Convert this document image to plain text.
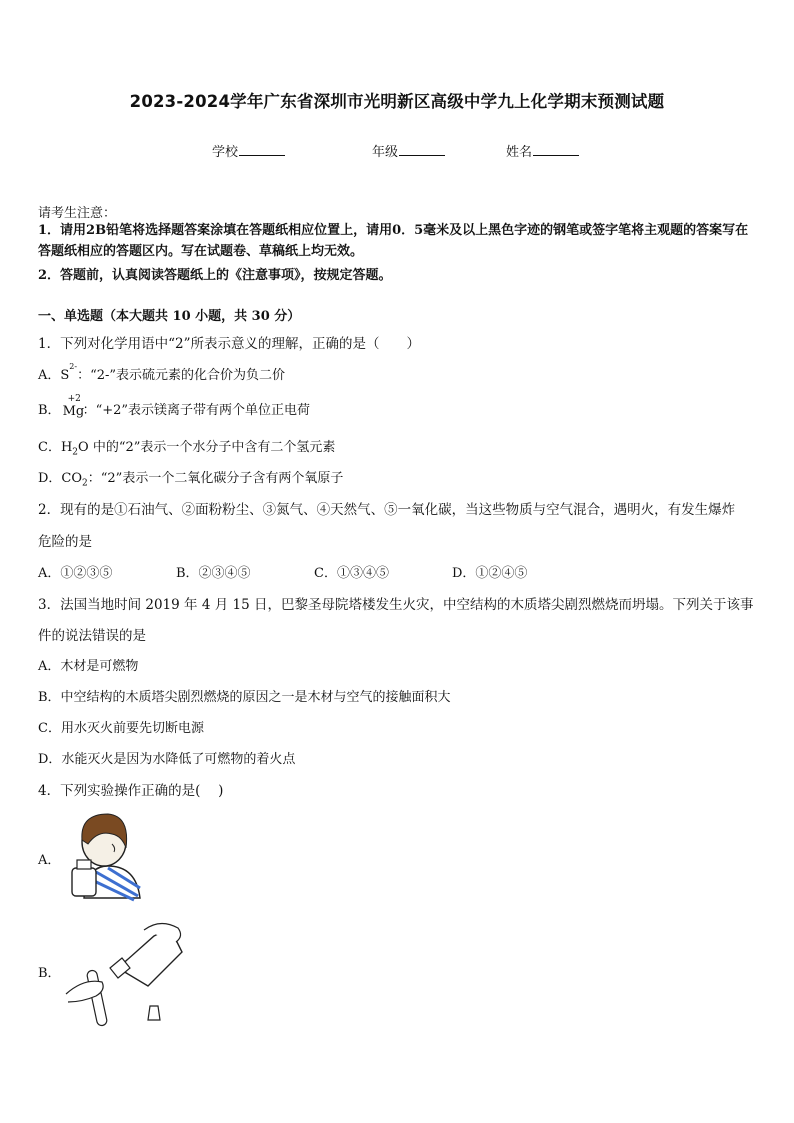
2023-2024学年广东省深圳市光明新区高级中学九上化学期末预测试题
学校	年级	姓名
请考生注意：
1．请用2B铅笔将选择题答案涂填在答题纸相应位置上，请用0．5毫米及以上黑色字迹的钢笔或签字笔将主观题的答案写在答题纸相应的答题区内。写在试题卷、草稿纸上均无效。
2．答题前，认真阅读答题纸上的《注意事项》，按规定答题。
一、单选题（本大题共 10 小题，共 30 分）
1．下列对化学用语中“2”所表示意义的理解，正确的是（　　）
A．$S^{2-}$：“2-”表示硫元素的化合价为负二价
B．
+2
Mg
：“+2”表示镁离子带有两个单位正电荷
C．$H_2O$ 中的“2”表示一个水分子中含有二个氢元素
D．$CO_2$：“2”表示一个二氧化碳分子含有两个氧原子
2．现有的是①石油气、②面粉粉尘、③氮气、④天然气、⑤一氧化碳，当这些物质与空气混合，遇明火，有发生爆炸
危险的是
A．①②③⑤	B．②③④⑤	C．①③④⑤	D．①②④⑤
3．法国当地时间 2019 年 4 月 15 日，巴黎圣母院塔楼发生火灾，中空结构的木质塔尖剧烈燃烧而坍塌。下列关于该事
件的说法错误的是
A．木材是可燃物
B．中空结构的木质塔尖剧烈燃烧的原因之一是木材与空气的接触面积大
C．用水灭火前要先切断电源
D．水能灭火是因为水降低了可燃物的着火点
4．下列实验操作正确的是(　 )
A．
B．
